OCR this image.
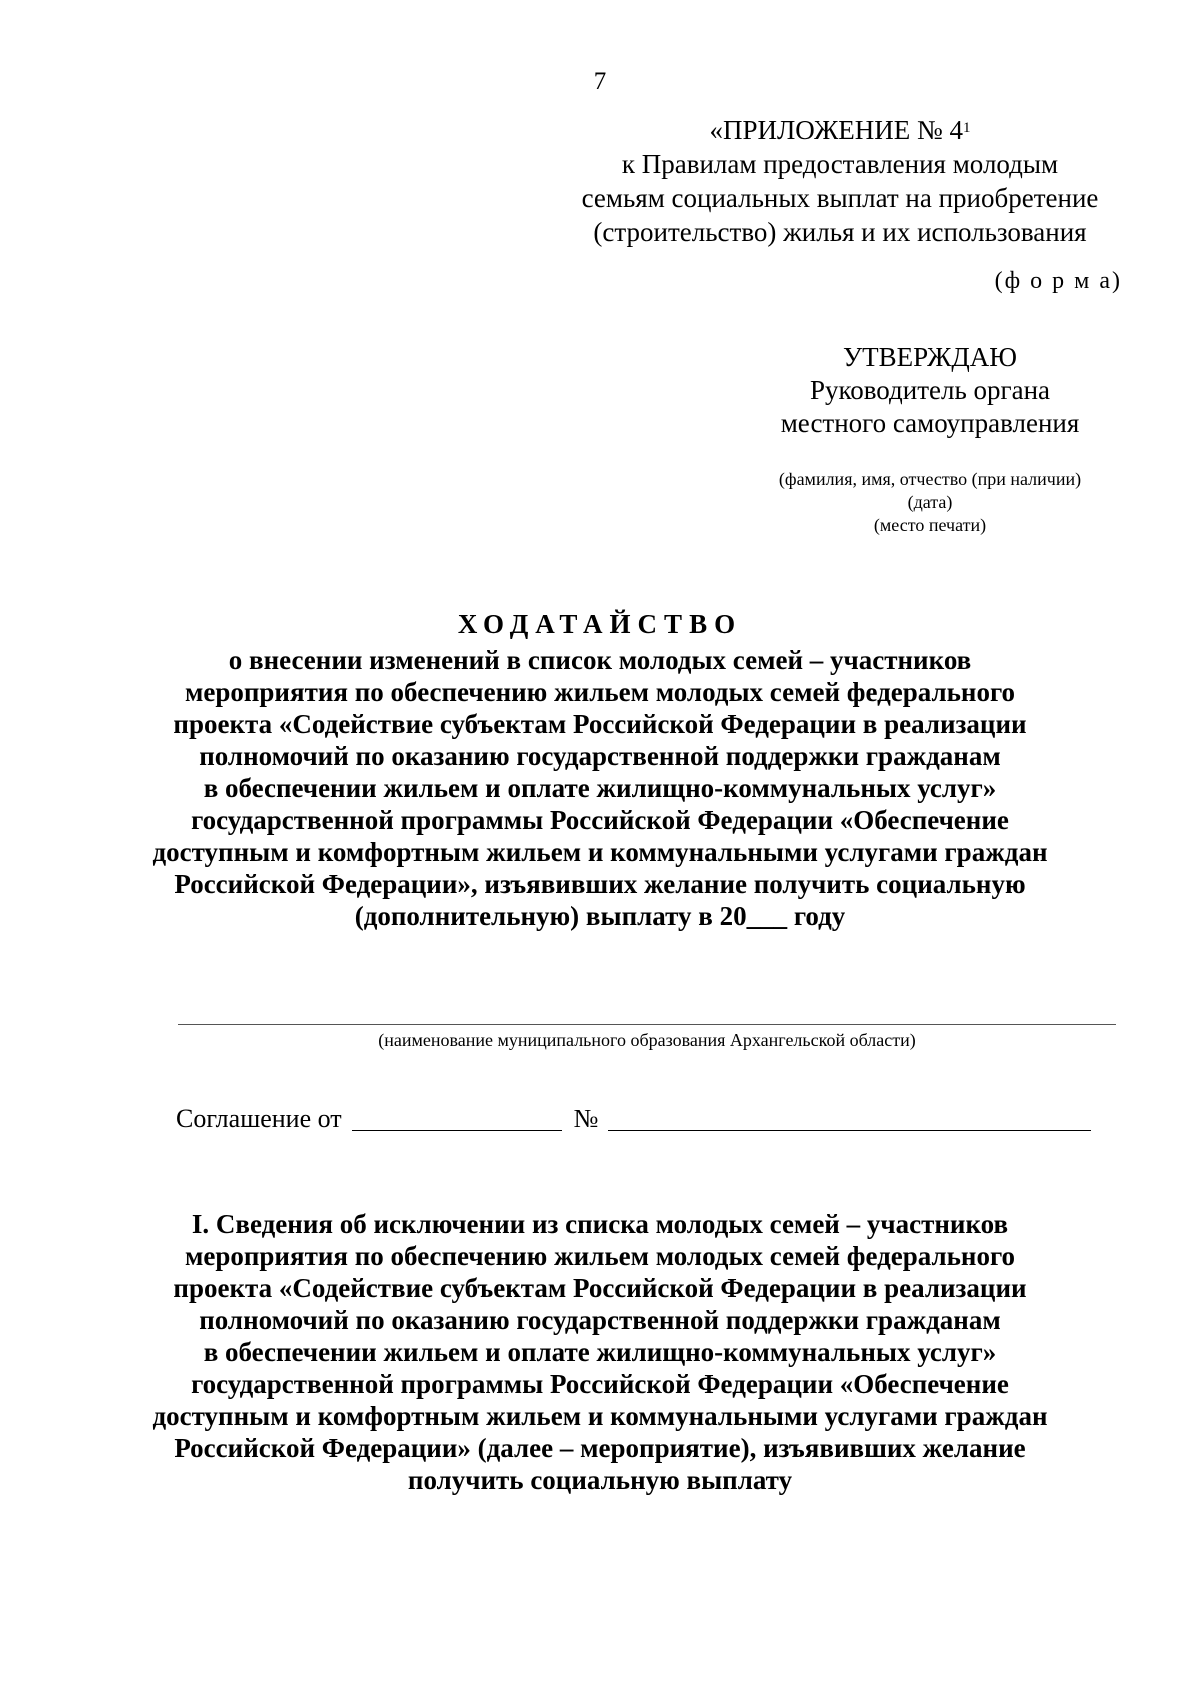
7
«ПРИЛОЖЕНИЕ № $4^1$
к Правилам предоставления молодым
семьям социальных выплат на приобретение
(строительство) жилья и их использования
(ф о р м а)
УТВЕРЖДАЮ
Руководитель органа
местного самоуправления
(фамилия, имя, отчество (при наличии)
(дата)
(место печати)
ХОДАТАЙСТВО
о внесении изменений в список молодых семей – участников
мероприятия по обеспечению жильем молодых семей федерального
проекта «Содействие субъектам Российской Федерации в реализации
полномочий по оказанию государственной поддержки гражданам
в обеспечении жильем и оплате жилищно-коммунальных услуг»
государственной программы Российской Федерации «Обеспечение
доступным и комфортным жильем и коммунальными услугами граждан
Российской Федерации», изъявивших желание получить социальную
(дополнительную) выплату в 20___ году
(наименование муниципального образования Архангельской области)
Соглашение от	№
I. Сведения об исключении из списка молодых семей – участников
мероприятия по обеспечению жильем молодых семей федерального
проекта «Содействие субъектам Российской Федерации в реализации
полномочий по оказанию государственной поддержки гражданам
в обеспечении жильем и оплате жилищно-коммунальных услуг»
государственной программы Российской Федерации «Обеспечение
доступным и комфортным жильем и коммунальными услугами граждан
Российской Федерации» (далее – мероприятие), изъявивших желание
получить социальную выплату
